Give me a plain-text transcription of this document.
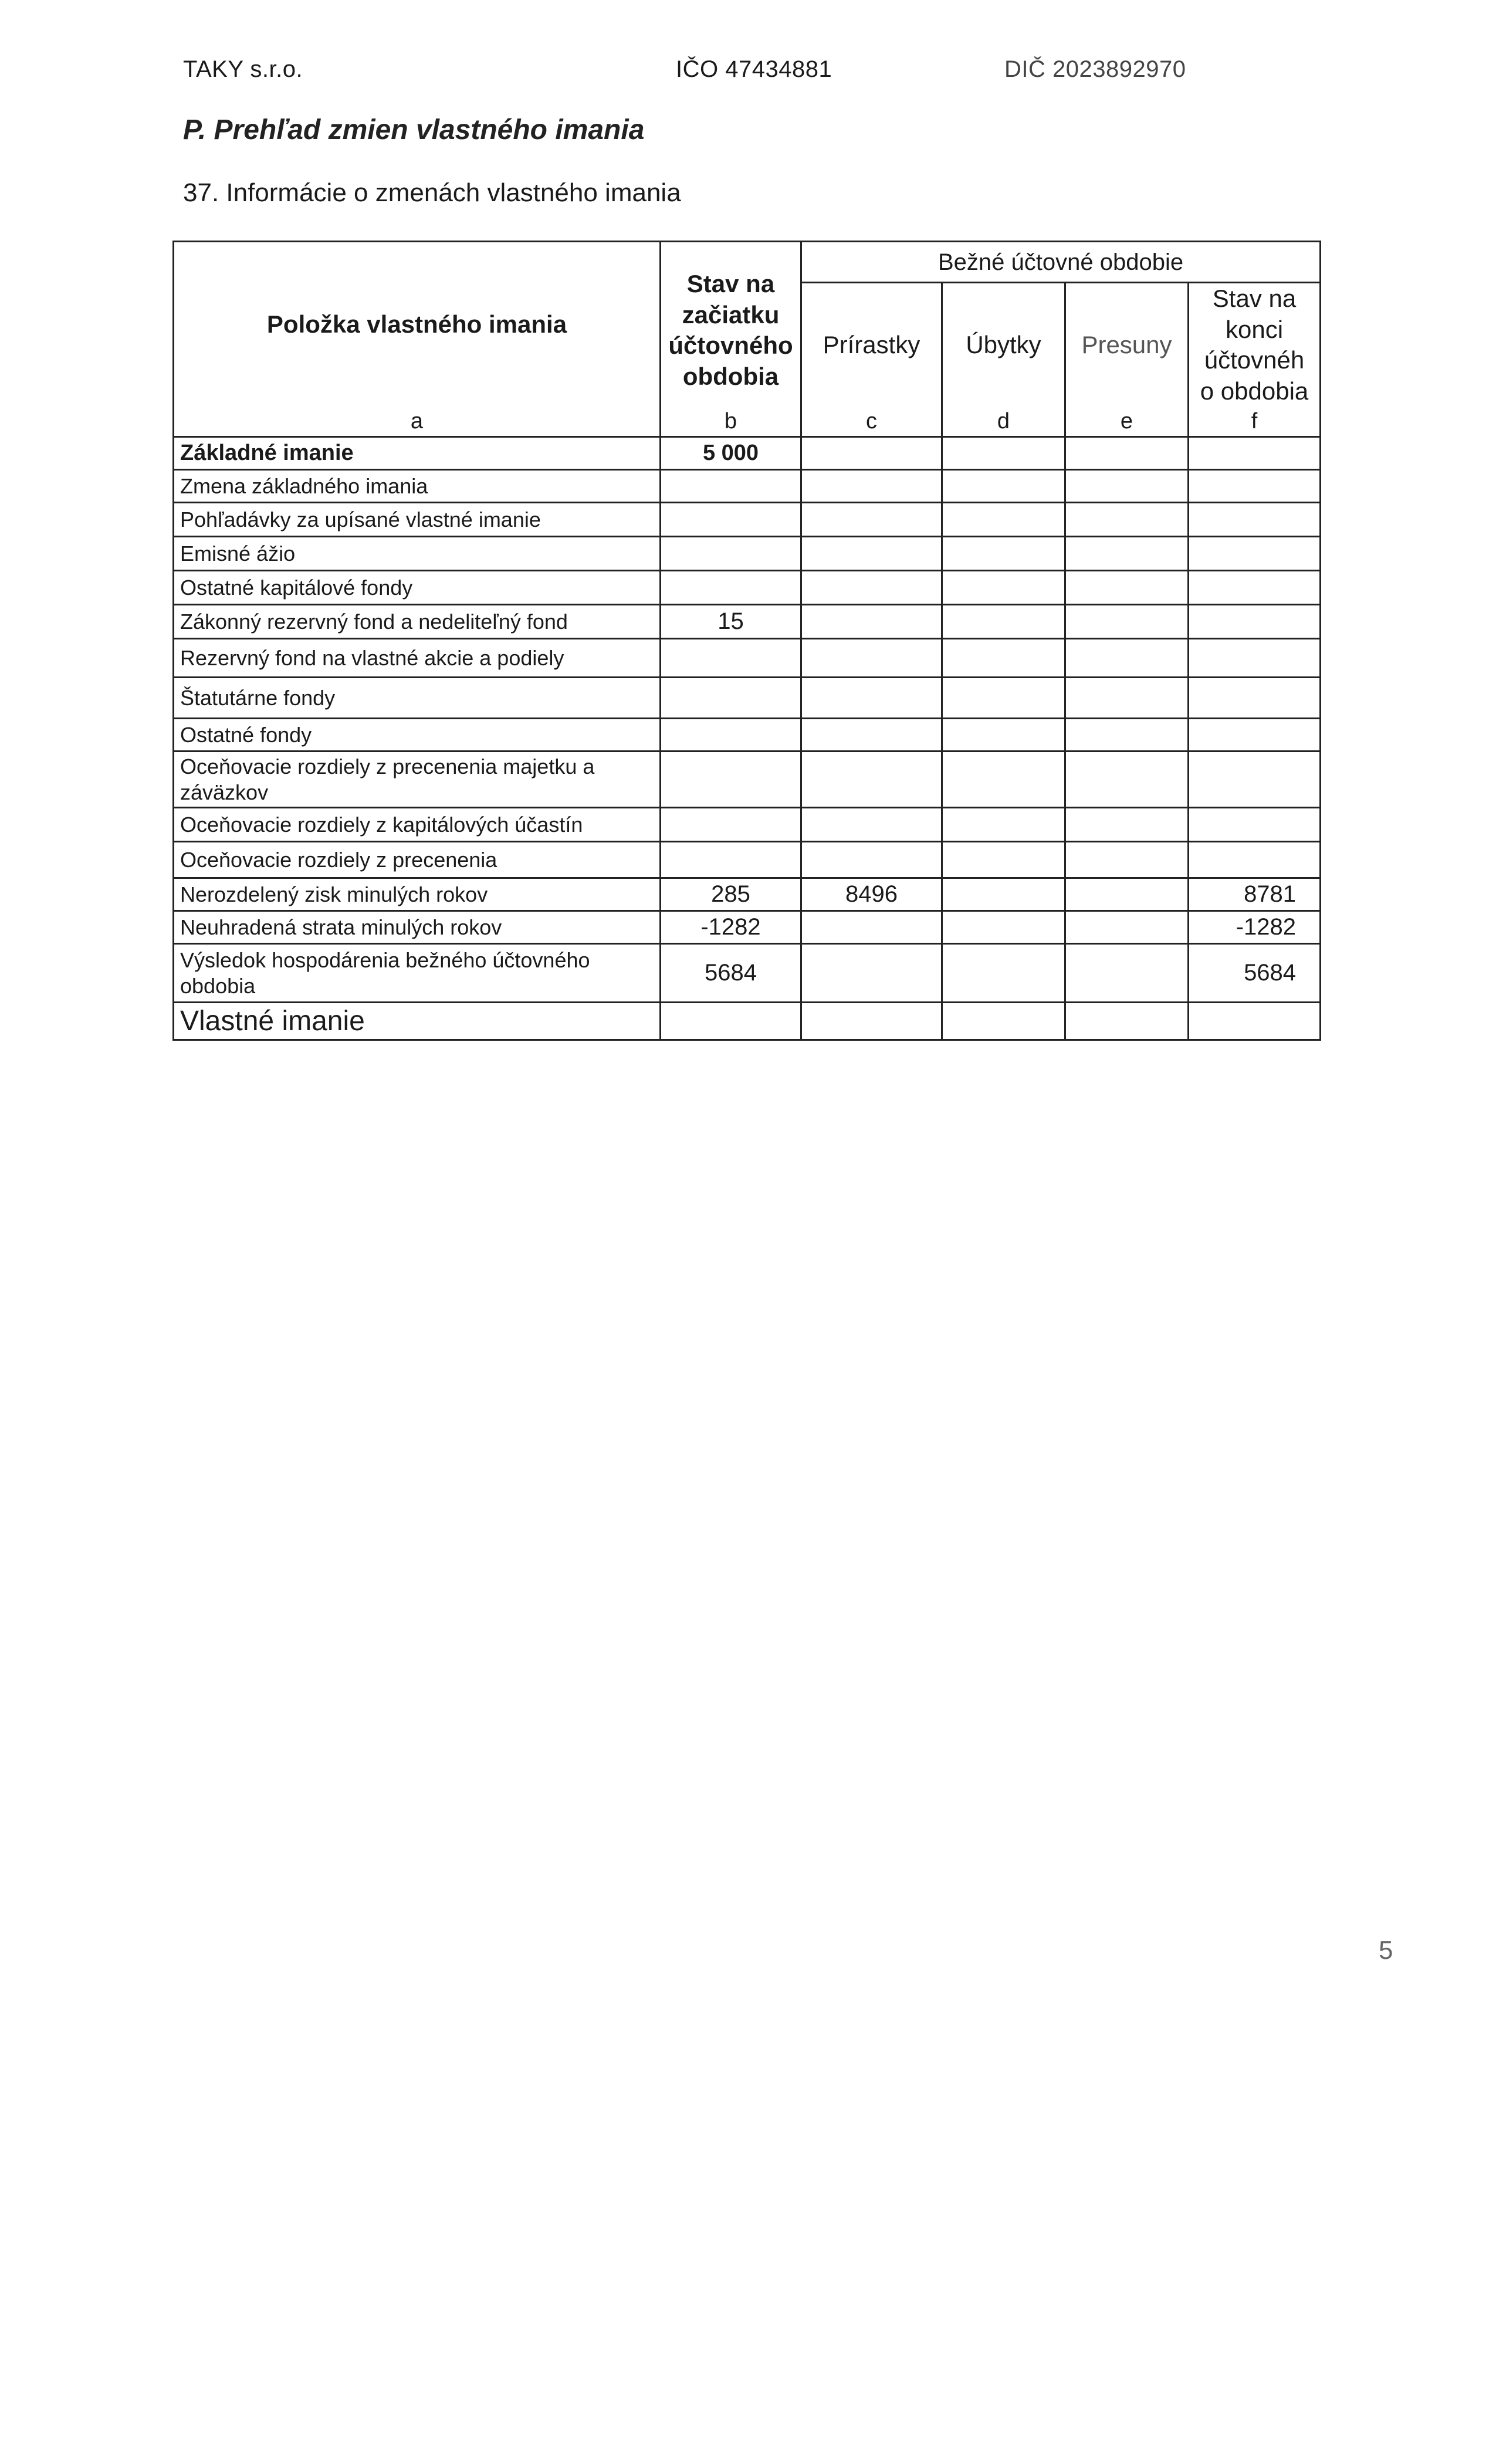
TAKY s.r.o.	IČO 47434881	DIČ 2023892970
P. Prehľad zmien vlastného imania
37. Informácie o zmenách vlastného imania
Položka vlastného imania	Stav na začiatku účtovného obdobia	Bežné účtovné obdobie			
		Prírastky	Úbytky	Presuny	Stav na konci účtovnéh o obdobia
a	b	c	d	e	f
Základné imanie	5 000				
Zmena základného imania					
Pohľadávky za upísané vlastné imanie					
Emisné ážio					
Ostatné kapitálové fondy					
Zákonný rezervný fond a nedeliteľný fond	15				
Rezervný fond na vlastné akcie a podiely					
Štatutárne fondy					
Ostatné fondy					
Oceňovacie rozdiely z precenenia majetku a záväzkov					
Oceňovacie rozdiely z kapitálových účastín					
Oceňovacie rozdiely z precenenia					
Nerozdelený zisk minulých rokov	285	8496			8781
Neuhradená strata minulých rokov	-1282				-1282
Výsledok hospodárenia bežného účtovného obdobia	5684				5684
Vlastné imanie					
5
